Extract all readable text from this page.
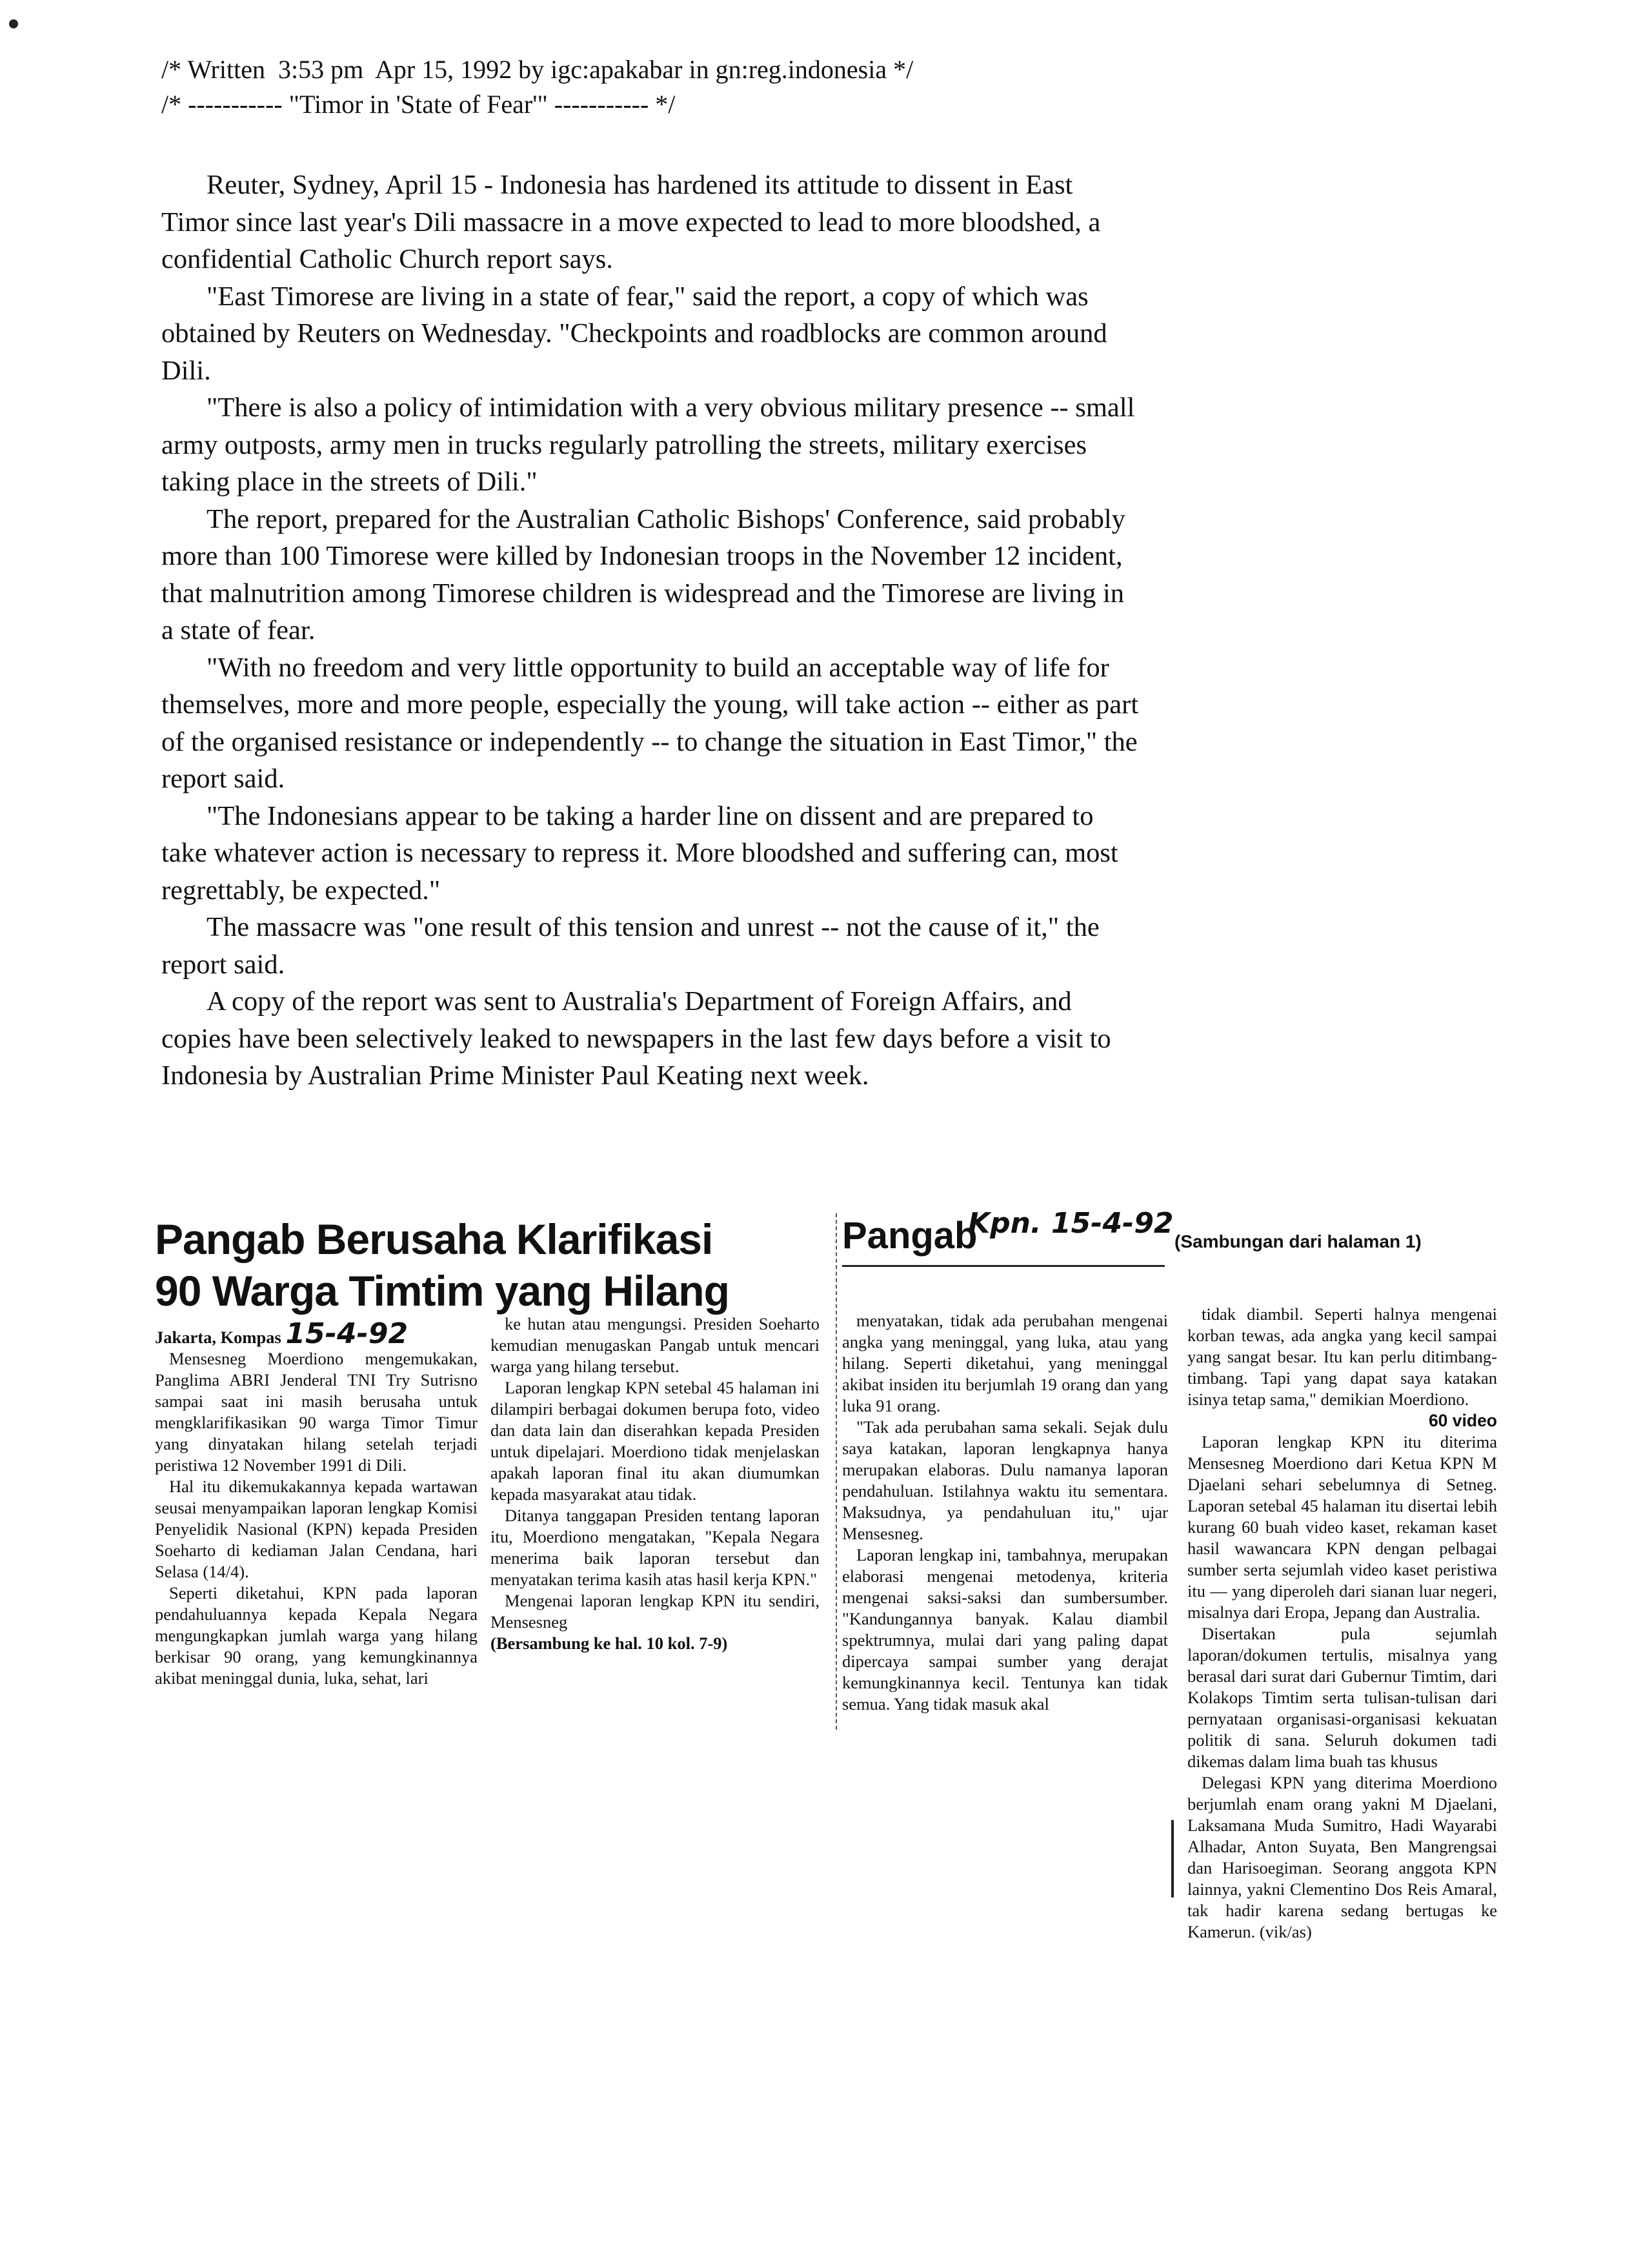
/* Written  3:53 pm  Apr 15, 1992 by igc:apakabar in gn:reg.indonesia */
/* ----------- "Timor in 'State of Fear'" ----------- */

Reuter, Sydney, April 15 - Indonesia has hardened its attitude to dissent in East Timor since last year's Dili massacre in a move expected to lead to more bloodshed, a confidential Catholic Church report says.

"East Timorese are living in a state of fear," said the report, a copy of which was obtained by Reuters on Wednesday. "Checkpoints and roadblocks are common around Dili.

"There is also a policy of intimidation with a very obvious military presence -- small army outposts, army men in trucks regularly patrolling the streets, military exercises taking place in the streets of Dili."

The report, prepared for the Australian Catholic Bishops' Conference, said probably more than 100 Timorese were killed by Indonesian troops in the November 12 incident, that malnutrition among Timorese children is widespread and the Timorese are living in a state of fear.

"With no freedom and very little opportunity to build an acceptable way of life for themselves, more and more people, especially the young, will take action -- either as part of the organised resistance or independently -- to change the situation in East Timor," the report said.

"The Indonesians appear to be taking a harder line on dissent and are prepared to take whatever action is necessary to repress it. More bloodshed and suffering can, most regrettably, be expected."

The massacre was "one result of this tension and unrest -- not the cause of it," the report said.

A copy of the report was sent to Australia's Department of Foreign Affairs, and copies have been selectively leaked to newspapers in the last few days before a visit to Indonesia by Australian Prime Minister Paul Keating next week.

Pangab Berusaha Klarifikasi
90 Warga Timtim yang Hilang

Jakarta, Kompas 15-4-92

Mensesneg Moerdiono mengemukakan, Panglima ABRI Jenderal TNI Try Sutrisno sampai saat ini masih berusaha untuk mengklarifikasikan 90 warga Timor Timur yang dinyatakan hilang setelah terjadi peristiwa 12 November 1991 di Dili.

Hal itu dikemukakannya kepada wartawan seusai menyampaikan laporan lengkap Komisi Penyelidik Nasional (KPN) kepada Presiden Soeharto di kediaman Jalan Cendana, hari Selasa (14/4).

Seperti diketahui, KPN pada laporan pendahuluannya kepada Kepala Negara mengungkapkan jumlah warga yang hilang berkisar 90 orang, yang kemungkinannya akibat meninggal dunia, luka, sehat, lari

ke hutan atau mengungsi. Presiden Soeharto kemudian menugaskan Pangab untuk mencari warga yang hilang tersebut.

Laporan lengkap KPN setebal 45 halaman ini dilampiri berbagai dokumen berupa foto, video dan data lain dan diserahkan kepada Presiden untuk dipelajari. Moerdiono tidak menjelaskan apakah laporan final itu akan diumumkan kepada masyarakat atau tidak.

Ditanya tanggapan Presiden tentang laporan itu, Moerdiono mengatakan, "Kepala Negara menerima baik laporan tersebut dan menyatakan terima kasih atas hasil kerja KPN."

Mengenai laporan lengkap KPN itu sendiri, Mensesneg

(Bersambung ke hal. 10 kol. 7-9)

Pangab
Kpn. 15-4-92
(Sambungan dari halaman 1)

menyatakan, tidak ada perubahan mengenai angka yang meninggal, yang luka, atau yang hilang. Seperti diketahui, yang meninggal akibat insiden itu berjumlah 19 orang dan yang luka 91 orang.

"Tak ada perubahan sama sekali. Sejak dulu saya katakan, laporan lengkapnya hanya merupakan elaboras. Dulu namanya laporan pendahuluan. Istilahnya waktu itu sementara. Maksudnya, ya pendahuluan itu," ujar Mensesneg.

Laporan lengkap ini, tambahnya, merupakan elaborasi mengenai metodenya, kriteria mengenai saksi-saksi dan sumbersumber. "Kandungannya banyak. Kalau diambil spektrumnya, mulai dari yang paling dapat dipercaya sampai sumber yang derajat kemungkinannya kecil. Tentunya kan tidak semua. Yang tidak masuk akal

tidak diambil. Seperti halnya mengenai korban tewas, ada angka yang kecil sampai yang sangat besar. Itu kan perlu ditimbang-timbang. Tapi yang dapat saya katakan isinya tetap sama," demikian Moerdiono.

60 video

Laporan lengkap KPN itu diterima Mensesneg Moerdiono dari Ketua KPN M Djaelani sehari sebelumnya di Setneg. Laporan setebal 45 halaman itu disertai lebih kurang 60 buah video kaset, rekaman kaset hasil wawancara KPN dengan pelbagai sumber serta sejumlah video kaset peristiwa itu — yang diperoleh dari sianan luar negeri, misalnya dari Eropa, Jepang dan Australia.

Disertakan pula sejumlah laporan/dokumen tertulis, misalnya yang berasal dari surat dari Gubernur Timtim, dari Kolakops Timtim serta tulisan-tulisan dari pernyataan organisasi-organisasi kekuatan politik di sana. Seluruh dokumen tadi dikemas dalam lima buah tas khusus

Delegasi KPN yang diterima Moerdiono berjumlah enam orang yakni M Djaelani, Laksamana Muda Sumitro, Hadi Wayarabi Alhadar, Anton Suyata, Ben Mangrengsai dan Harisoegiman. Seorang anggota KPN lainnya, yakni Clementino Dos Reis Amaral, tak hadir karena sedang bertugas ke Kamerun. (vik/as)
